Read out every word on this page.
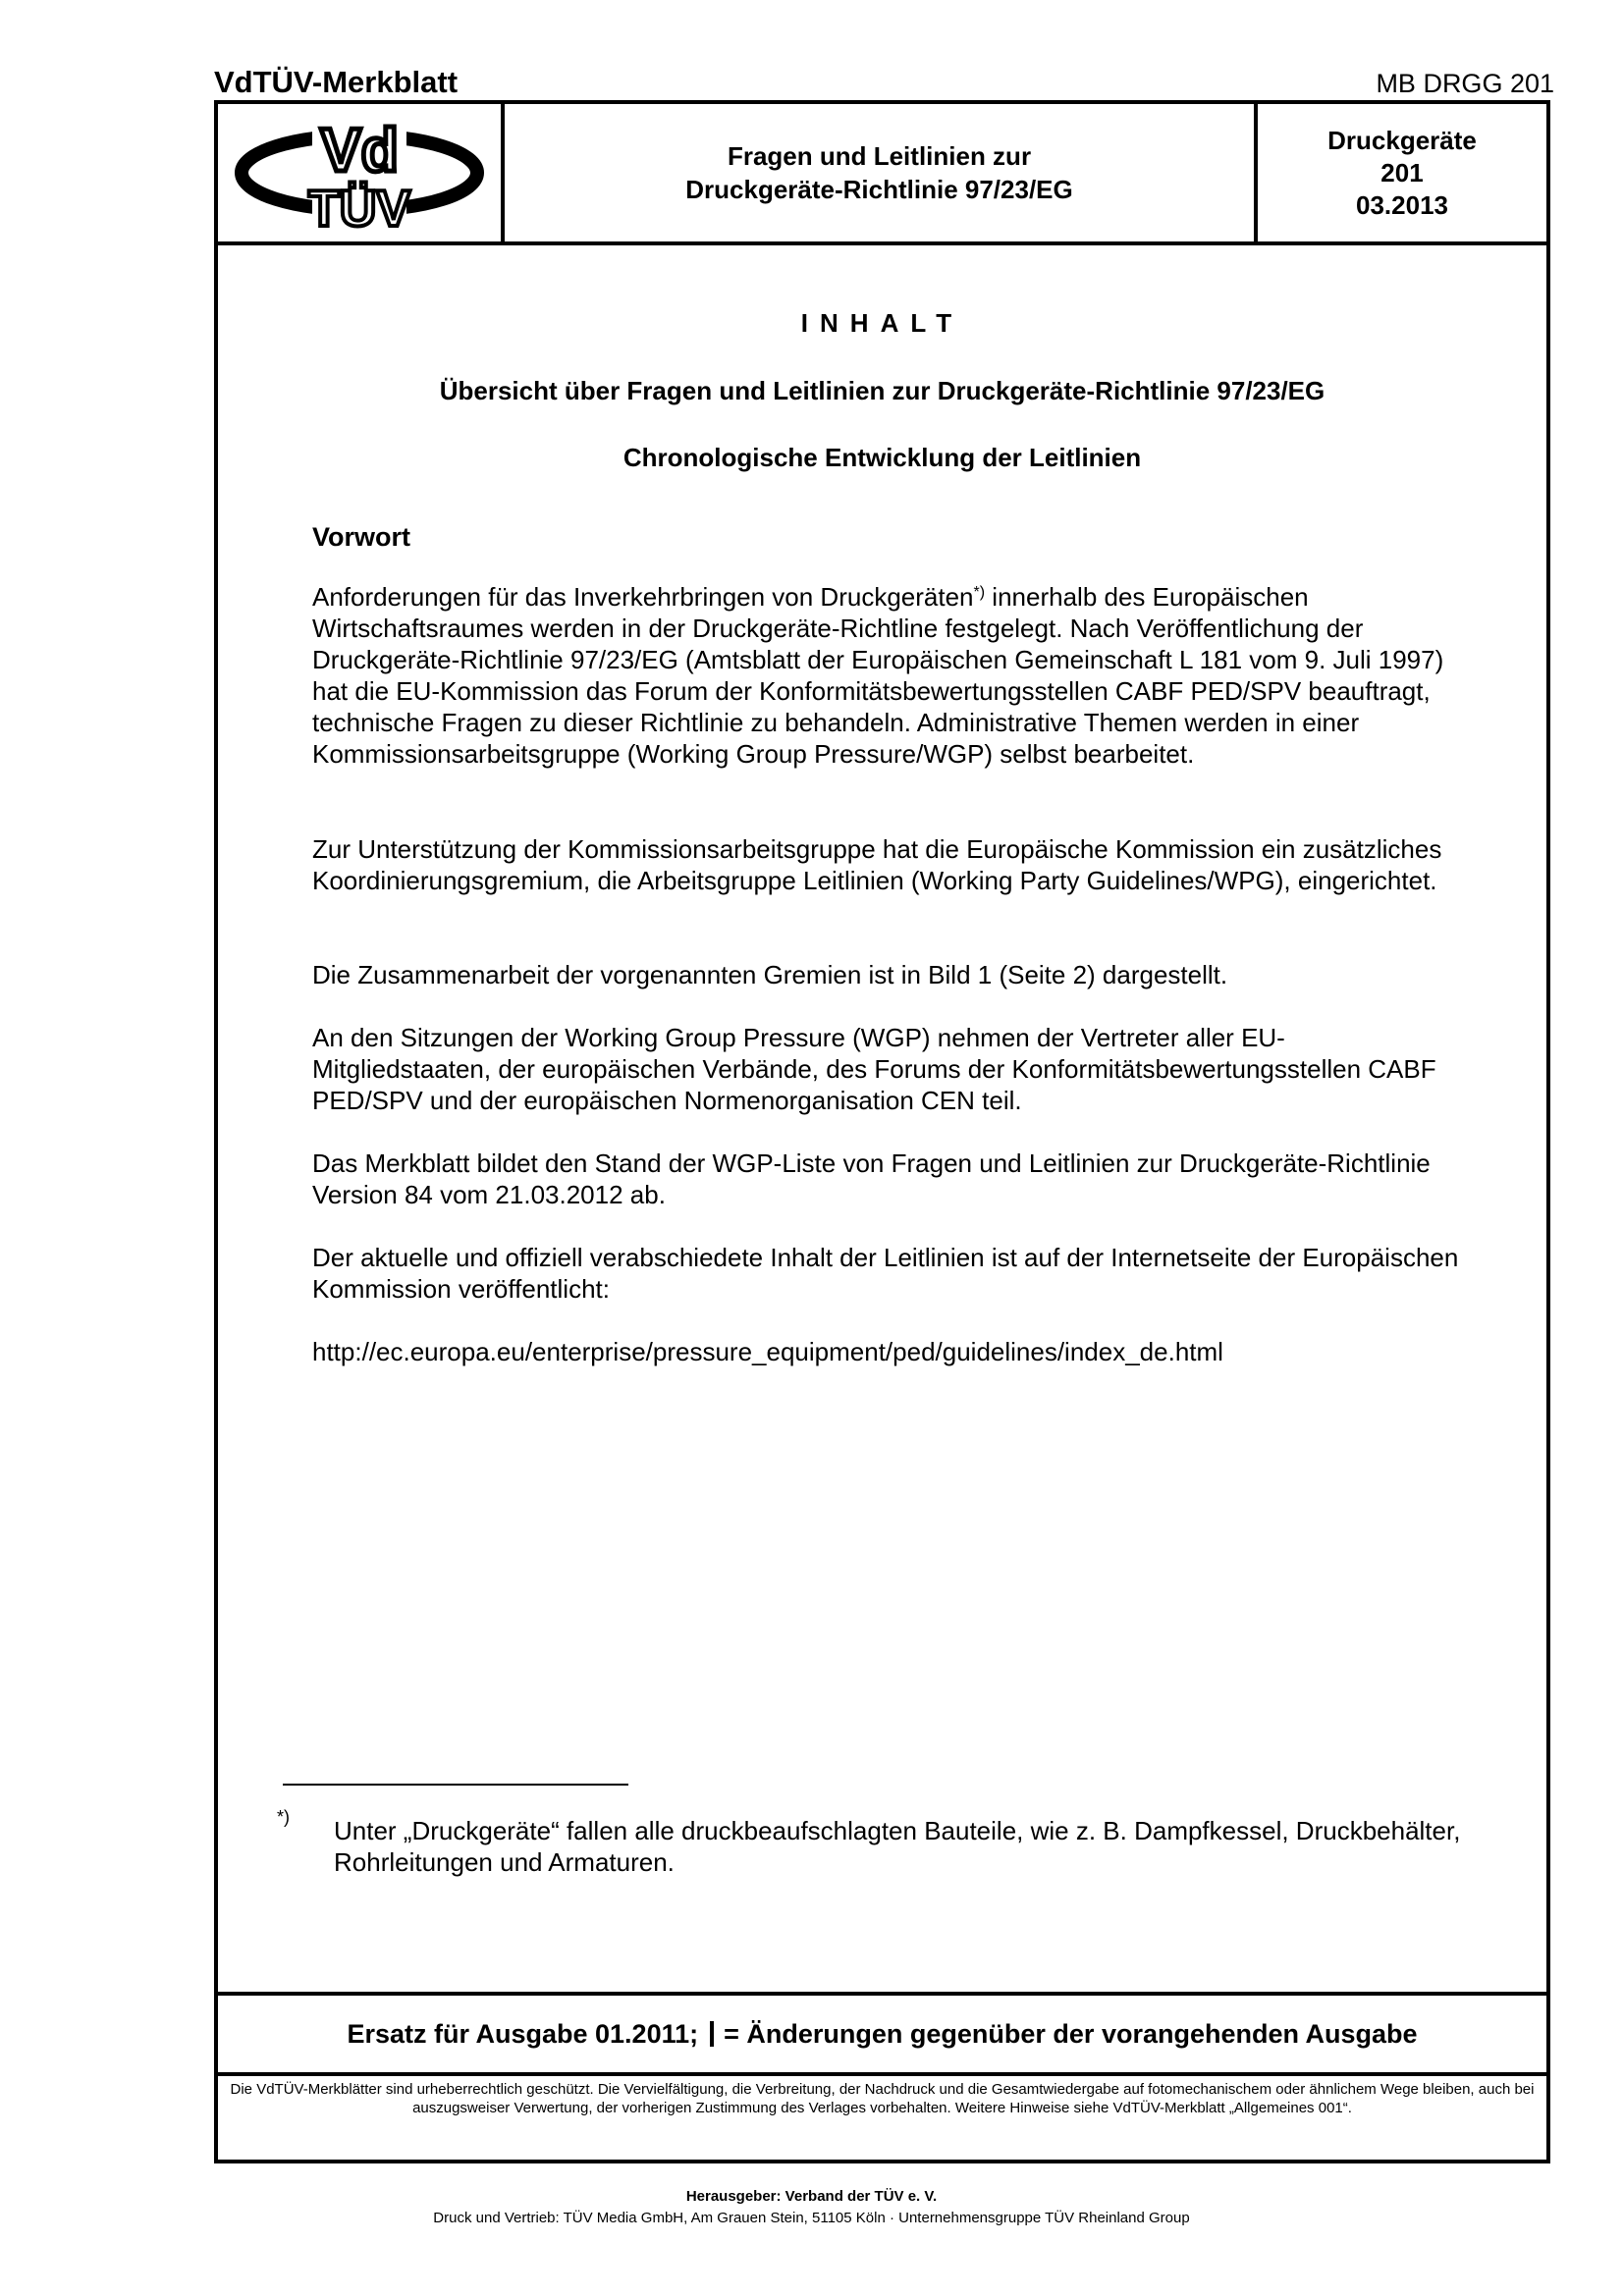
VdTÜV-Merkblatt	MB DRGG 201
Vd
TÜV
Fragen und Leitlinien zur
Druckgeräte-Richtlinie 97/23/EG
Druckgeräte
201
03.2013
INHALT
Übersicht über Fragen und Leitlinien zur Druckgeräte-Richtlinie 97/23/EG
Chronologische Entwicklung der Leitlinien
Vorwort
Anforderungen für das Inverkehrbringen von Druckgeräten*) innerhalb des Europäischen Wirtschaftsraumes werden in der Druckgeräte-Richtline festgelegt. Nach Veröffentlichung der Druckgeräte-Richtlinie 97/23/EG (Amtsblatt der Europäischen Gemeinschaft L 181 vom 9. Juli 1997) hat die EU-Kommission das Forum der Konformitätsbewertungsstellen CABF PED/SPV beauftragt, technische Fragen zu dieser Richtlinie zu behandeln. Administrative Themen werden in einer Kommissionsarbeitsgruppe (Working Group Pressure/WGP) selbst bearbeitet.
Zur Unterstützung der Kommissionsarbeitsgruppe hat die Europäische Kommission ein zusätzliches Koordinierungsgremium, die Arbeitsgruppe Leitlinien (Working Party Guidelines/WPG), eingerichtet.
Die Zusammenarbeit der vorgenannten Gremien ist in Bild 1 (Seite 2) dargestellt.
An den Sitzungen der Working Group Pressure (WGP) nehmen der Vertreter aller EU-Mitgliedstaaten, der europäischen Verbände, des Forums der Konformitätsbewertungsstellen CABF PED/SPV und der europäischen Normenorganisation CEN teil.
Das Merkblatt bildet den Stand der WGP-Liste von Fragen und Leitlinien zur Druckgeräte-Richtlinie Version 84 vom 21.03.2012 ab.
Der aktuelle und offiziell verabschiedete Inhalt der Leitlinien ist auf der Internetseite der Europäischen Kommission veröffentlicht:
http://ec.europa.eu/enterprise/pressure_equipment/ped/guidelines/index_de.html
*) Unter „Druckgeräte“ fallen alle druckbeaufschlagten Bauteile, wie z. B. Dampfkessel, Druckbehälter, Rohrleitungen und Armaturen.
Ersatz für Ausgabe 01.2011; = Änderungen gegenüber der vorangehenden Ausgabe
Die VdTÜV-Merkblätter sind urheberrechtlich geschützt. Die Vervielfältigung, die Verbreitung, der Nachdruck und die Gesamtwiedergabe auf fotomechanischem oder ähnlichem Wege bleiben, auch bei auszugsweiser Verwertung, der vorherigen Zustimmung des Verlages vorbehalten. Weitere Hinweise siehe VdTÜV-Merkblatt „Allgemeines 001“.
Herausgeber: Verband der TÜV e. V.
Druck und Vertrieb: TÜV Media GmbH, Am Grauen Stein, 51105 Köln · Unternehmensgruppe TÜV Rheinland Group
